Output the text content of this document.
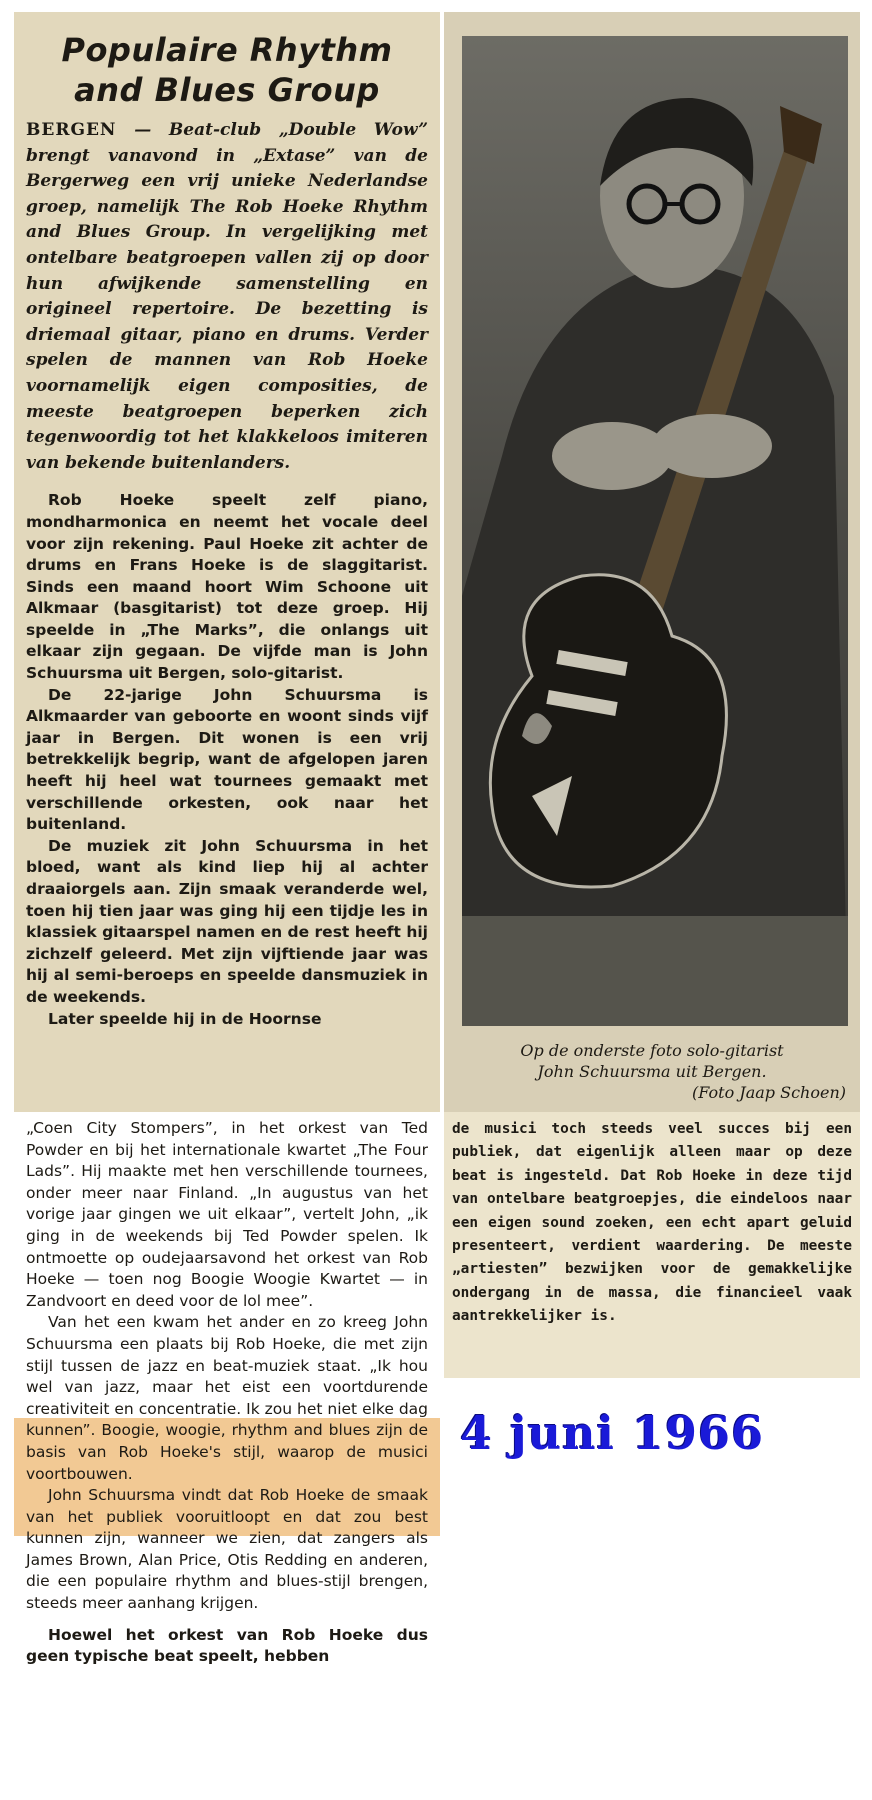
Populaire Rhythm
and Blues Group
BERGEN — Beat-club „Double Wow” brengt vanavond in „Extase” van de Bergerweg een vrij unieke Nederlandse groep, namelijk The Rob Hoeke Rhythm and Blues Group. In vergelijking met ontelbare beatgroepen vallen zij op door hun afwijkende samenstelling en origineel repertoire. De bezetting is driemaal gitaar, piano en drums. Verder spelen de mannen van Rob Hoeke voornamelijk eigen composities, de meeste beatgroepen beperken zich tegenwoordig tot het klakkeloos imiteren van bekende buitenlanders.

Rob Hoeke speelt zelf piano, mondharmonica en neemt het vocale deel voor zijn rekening. Paul Hoeke zit achter de drums en Frans Hoeke is de slaggitarist. Sinds een maand hoort Wim Schoone uit Alkmaar (basgitarist) tot deze groep. Hij speelde in „The Marks”, die onlangs uit elkaar zijn gegaan. De vijfde man is John Schuursma uit Bergen, solo-gitarist.

De 22-jarige John Schuursma is Alkmaarder van geboorte en woont sinds vijf jaar in Bergen. Dit wonen is een vrij betrekkelijk begrip, want de afgelopen jaren heeft hij heel wat tournees gemaakt met verschillende orkesten, ook naar het buitenland.

De muziek zit John Schuursma in het bloed, want als kind liep hij al achter draaiorgels aan. Zijn smaak veranderde wel, toen hij tien jaar was ging hij een tijdje les in klassiek gitaarspel namen en de rest heeft hij zichzelf geleerd. Met zijn vijftiende jaar was hij al semi-beroeps en speelde dansmuziek in de weekends.

Later speelde hij in de Hoornse

Op de onderste foto solo-gitarist
John Schuursma uit Bergen.
(Foto Jaap Schoen)

„Coen City Stompers”, in het orkest van Ted Powder en bij het internationale kwartet „The Four Lads”. Hij maakte met hen verschillende tournees, onder meer naar Finland. „In augustus van het vorige jaar gingen we uit elkaar”, vertelt John, „ik ging in de weekends bij Ted Powder spelen. Ik ontmoette op oudejaarsavond het orkest van Rob Hoeke — toen nog Boogie Woogie Kwartet — in Zandvoort en deed voor de lol mee”.

Van het een kwam het ander en zo kreeg John Schuursma een plaats bij Rob Hoeke, die met zijn stijl tussen de jazz en beat-muziek staat. „Ik hou wel van jazz, maar het eist een voortdurende creativiteit en concentratie. Ik zou het niet elke dag kunnen”. Boogie, woogie, rhythm and blues zijn de basis van Rob Hoeke's stijl, waarop de musici voortbouwen.

John Schuursma vindt dat Rob Hoeke de smaak van het publiek vooruitloopt en dat zou best kunnen zijn, wanneer we zien, dat zangers als James Brown, Alan Price, Otis Redding en anderen, die een populaire rhythm and blues-stijl brengen, steeds meer aanhang krijgen.

Hoewel het orkest van Rob Hoeke dus geen typische beat speelt, hebben

de musici toch steeds veel succes bij een publiek, dat eigenlijk alleen maar op deze beat is ingesteld. Dat Rob Hoeke in deze tijd van ontelbare beatgroepjes, die eindeloos naar een eigen sound zoeken, een echt apart geluid presenteert, verdient waardering. De meeste „artiesten” bezwijken voor de gemakkelijke ondergang in de massa, die financieel vaak aantrekkelijker is.

4 juni 1966
